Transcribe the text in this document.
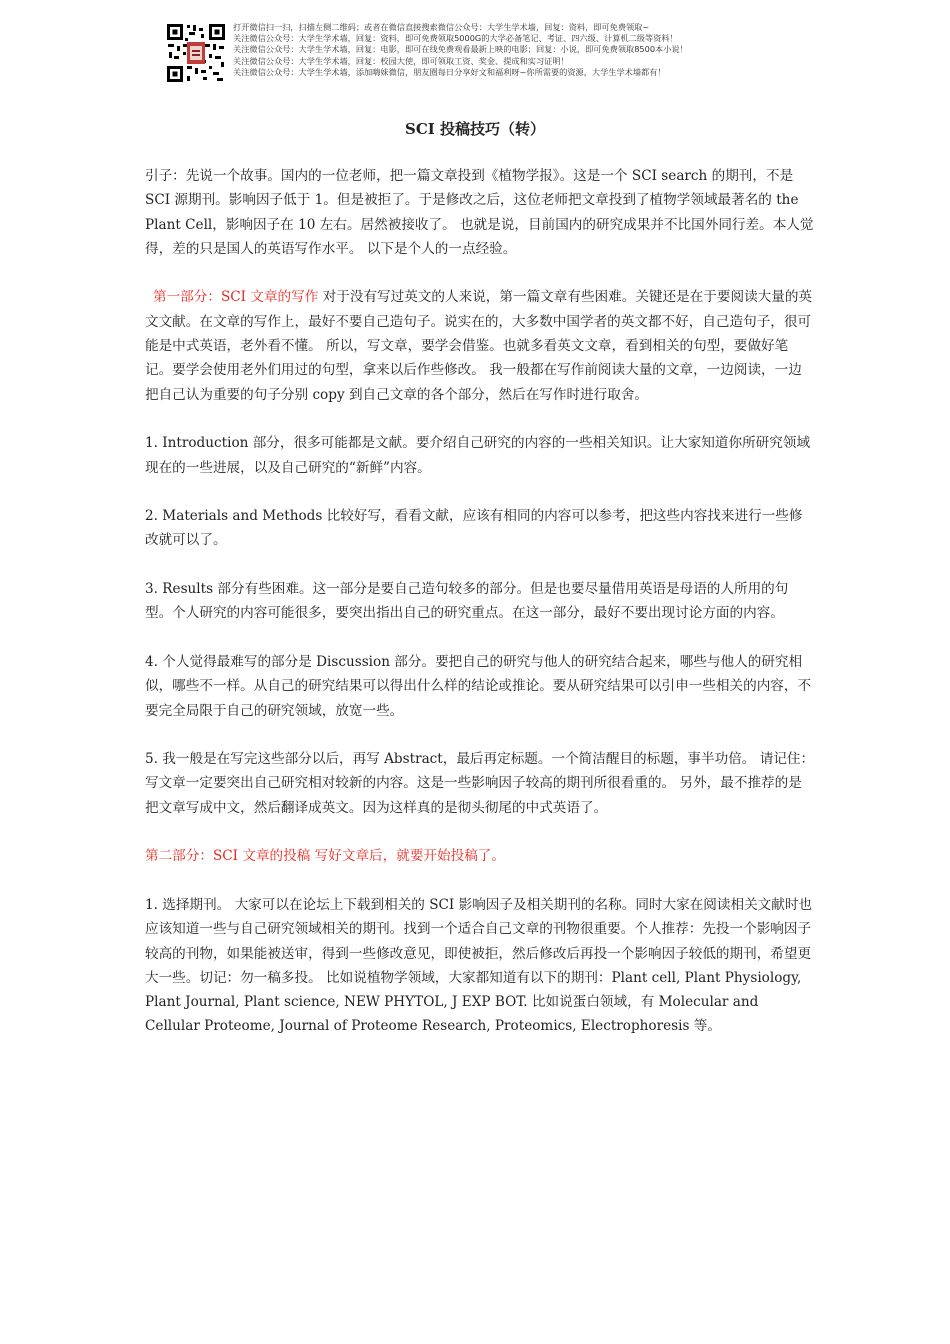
打开微信扫一扫，扫描左侧二维码；或者在微信直接搜索微信公众号：大学生学术墙，回复：资料，即可免费领取~
关注微信公众号：大学生学术墙，回复：资料，即可免费领取5000G的大学必备笔记、考证、四六级、计算机二级等资料！
关注微信公众号：大学生学术墙，回复：电影，即可在线免费观看最新上映的电影；回复：小说，即可免费领取8500本小说！
关注微信公众号：大学生学术墙，回复：校园大使，即可领取工资、奖金、提成和实习证明！
关注微信公众号：大学生学术墙，添加嗨妹微信，朋友圈每日分享好文和福利呀~你所需要的资源，大学生学术墙都有！
SCI 投稿技巧（转）

引子：先说一个故事。国内的一位老师，把一篇文章投到《植物学报》。这是一个 SCI search 的期刊，不是 SCI 源期刊。影响因子低于 1。但是被拒了。于是修改之后，这位老师把文章投到了植物学领域最著名的 the Plant Cell，影响因子在 10 左右。居然被接收了。 也就是说，目前国内的研究成果并不比国外同行差。本人觉得，差的只是国人的英语写作水平。 以下是个人的一点经验。

第一部分：SCI 文章的写作 对于没有写过英文的人来说，第一篇文章有些困难。关键还是在于要阅读大量的英文文献。在文章的写作上，最好不要自己造句子。说实在的，大多数中国学者的英文都不好，自己造句子，很可能是中式英语，老外看不懂。 所以，写文章，要学会借鉴。也就多看英文文章，看到相关的句型，要做好笔记。要学会使用老外们用过的句型，拿来以后作些修改。 我一般都在写作前阅读大量的文章，一边阅读，一边把自己认为重要的句子分别 copy 到自己文章的各个部分，然后在写作时进行取舍。

1. Introduction 部分，很多可能都是文献。要介绍自己研究的内容的一些相关知识。让大家知道你所研究领域现在的一些进展，以及自己研究的“新鲜”内容。

2. Materials and Methods 比较好写，看看文献，应该有相同的内容可以参考，把这些内容找来进行一些修改就可以了。

3. Results 部分有些困难。这一部分是要自己造句较多的部分。但是也要尽量借用英语是母语的人所用的句型。个人研究的内容可能很多，要突出指出自己的研究重点。在这一部分，最好不要出现讨论方面的内容。

4. 个人觉得最难写的部分是 Discussion 部分。要把自己的研究与他人的研究结合起来，哪些与他人的研究相似，哪些不一样。从自己的研究结果可以得出什么样的结论或推论。要从研究结果可以引申一些相关的内容，不要完全局限于自己的研究领域，放宽一些。

5. 我一般是在写完这些部分以后，再写 Abstract，最后再定标题。一个简洁醒目的标题，事半功倍。 请记住：写文章一定要突出自己研究相对较新的内容。这是一些影响因子较高的期刊所很看重的。 另外，最不推荐的是把文章写成中文，然后翻译成英文。因为这样真的是彻头彻尾的中式英语了。

第二部分：SCI 文章的投稿 写好文章后，就要开始投稿了。

1. 选择期刊。 大家可以在论坛上下载到相关的 SCI 影响因子及相关期刊的名称。同时大家在阅读相关文献时也应该知道一些与自己研究领域相关的期刊。找到一个适合自己文章的刊物很重要。个人推荐：先投一个影响因子较高的刊物，如果能被送审，得到一些修改意见，即使被拒，然后修改后再投一个影响因子较低的期刊，希望更大一些。切记：勿一稿多投。 比如说植物学领域，大家都知道有以下的期刊：Plant cell, Plant Physiology, Plant Journal, Plant science, NEW PHYTOL, J EXP BOT. 比如说蛋白领域，有 Molecular and Cellular Proteome, Journal of Proteome Research, Proteomics, Electrophoresis 等。
